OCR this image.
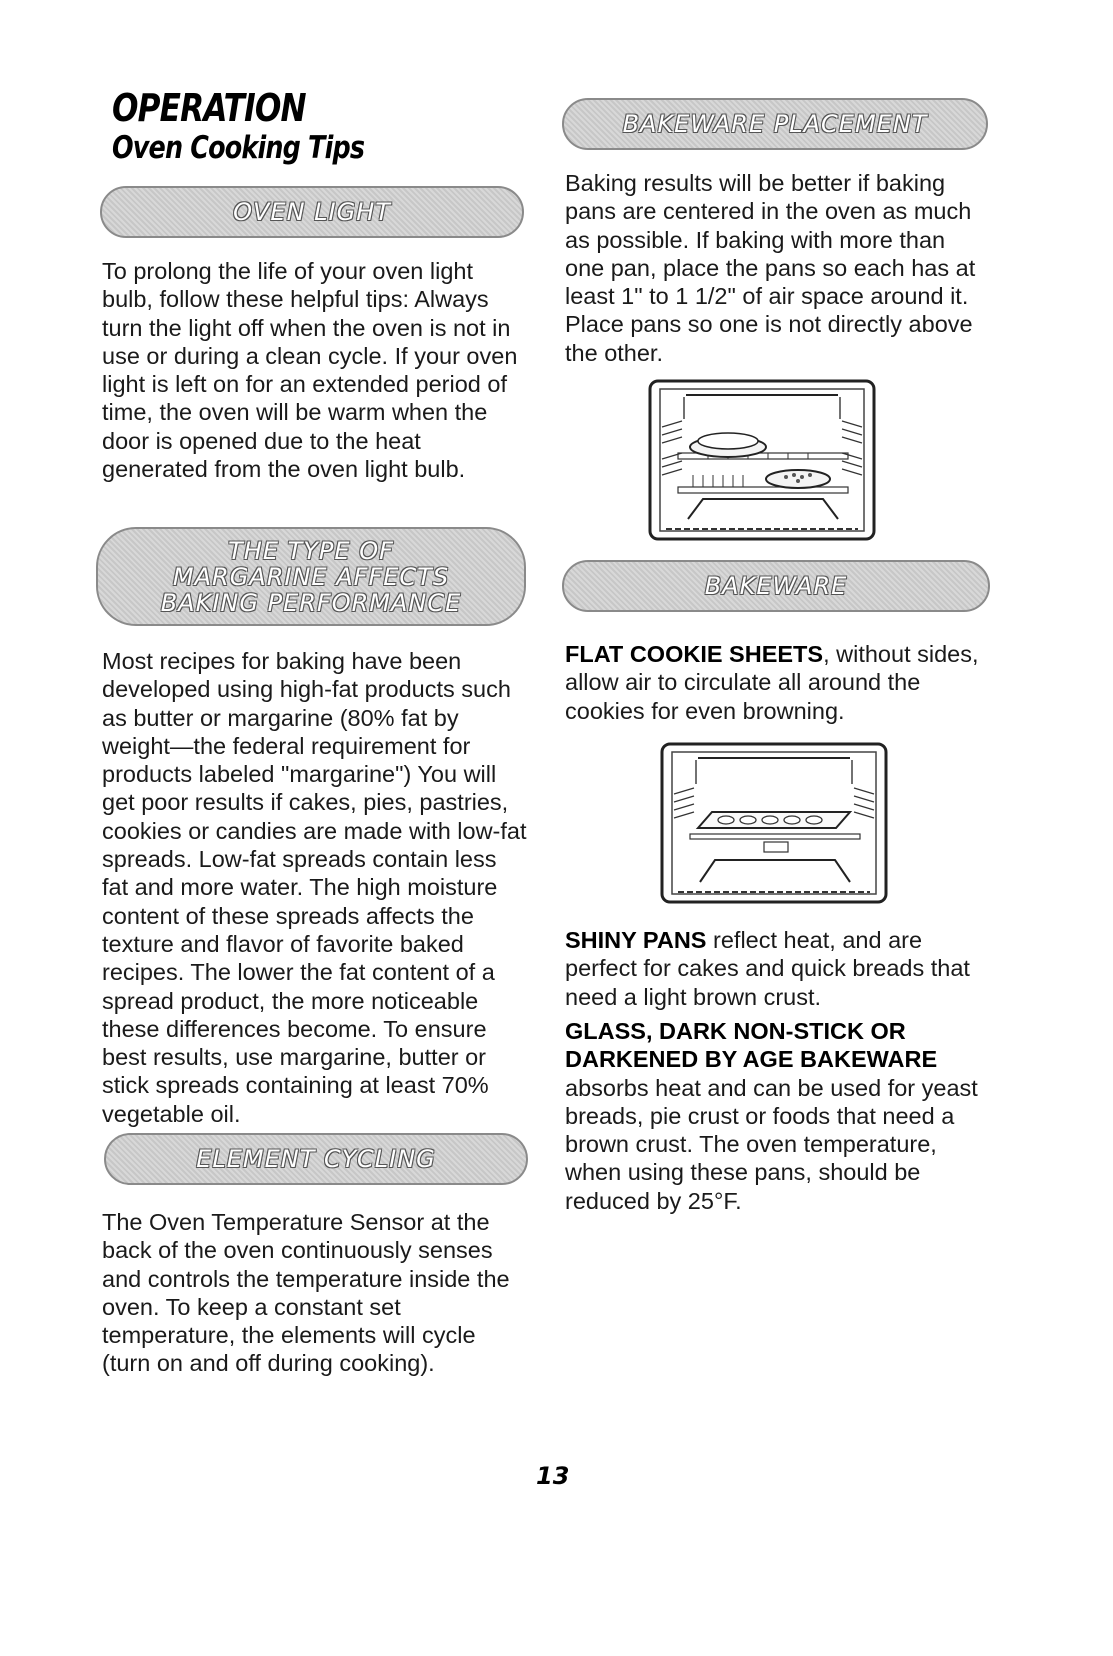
OPERATION
Oven Cooking Tips
OVEN LIGHT

To prolong the life of your oven light bulb, follow these helpful tips: Always turn the light off when the oven is not in use or during a clean cycle. If your oven light is left on for an extended period of time, the oven will be warm when the door is opened due to the heat generated from the oven light bulb.

THE TYPE OF
MARGARINE AFFECTS
BAKING PERFORMANCE

Most recipes for baking have been developed using high-fat products such as butter or margarine (80% fat by weight—the federal requirement for products labeled "margarine") You will get poor results if cakes, pies, pastries, cookies or candies are made with low-fat spreads. Low-fat spreads contain less fat and more water. The high moisture content of these spreads affects the texture and flavor of favorite baked recipes. The lower the fat content of a spread product, the more noticeable these differences become. To ensure best results, use margarine, butter or stick spreads containing at least 70% vegetable oil.

ELEMENT CYCLING

The Oven Temperature Sensor at the back of the oven continuously senses and controls the temperature inside the oven. To keep a constant set temperature, the elements will cycle (turn on and off during cooking).

BAKEWARE PLACEMENT

Baking results will be better if baking pans are centered in the oven as much as possible. If baking with more than one pan, place the pans so each has at least 1" to 1 1/2" of air space around it. Place pans so one is not directly above the other.

BAKEWARE

FLAT COOKIE SHEETS, without sides, allow air to circulate all around the cookies for even browning.

SHINY PANS reflect heat, and are perfect for cakes and quick breads that need a light brown crust.

GLASS, DARK NON-STICK OR DARKENED BY AGE BAKEWARE
absorbs heat and can be used for yeast breads, pie crust or foods that need a brown crust. The oven temperature, when using these pans, should be reduced by 25°F.

13
